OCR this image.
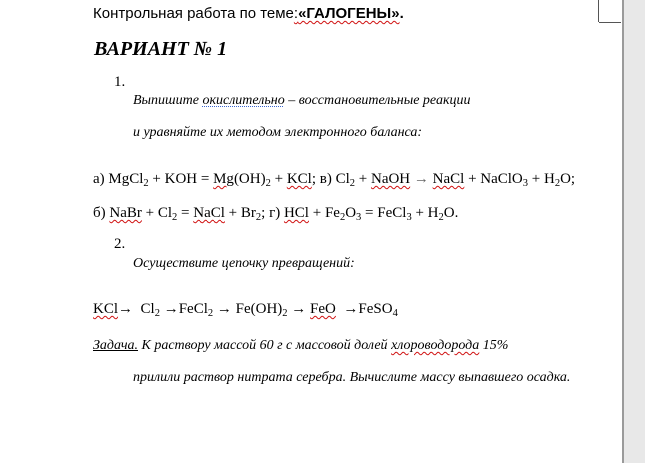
Контрольная работа по теме:«ГАЛОГЕНЫ».
ВАРИАНТ № 1
1.
Выпишите окислительно – восстановительные реакции
и уравняйте их методом электронного баланса:
а) MgCl$_2$ + KOH = $Mg(OH)_2$ + KCl; в) $Cl_2$ + NaOH → NaCl + NaClO$_3$ + $H_2O$;
б) NaBr + $Cl_2$ = NaCl + $Br_2$; г) HCl + $Fe_2O_3$ = FeCl$_3$ + $H_2O$.
2.
Осуществите цепочку превращений:
$KCl\to Cl_2$ →FeCl$_2$ → $Fe(OH)_2$ → FeO  →FeSO$_4$
Задача. К раствору массой 60 г с массовой долей хлороводорода 15%
прилили раствор нитрата серебра. Вычислите массу выпавшего осадка.
